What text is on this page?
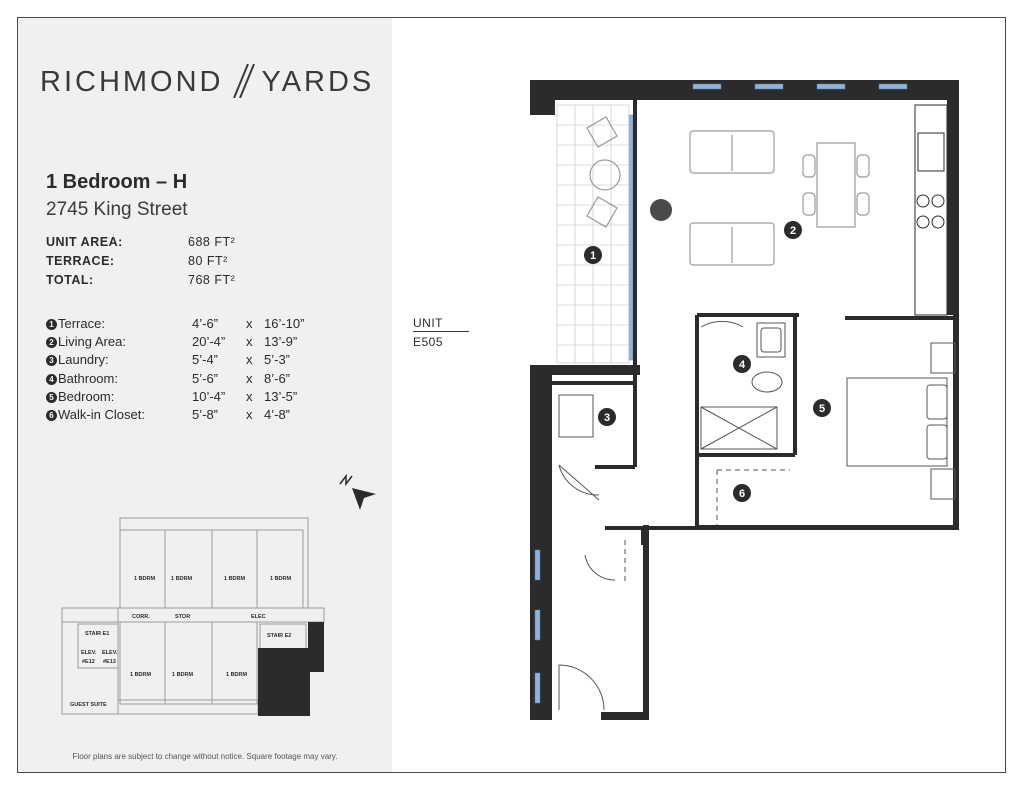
RICHMOND YARDS
1 Bedroom – H
2745 King Street
UNIT AREA:	688 FT²
TERRACE:	80 FT²
TOTAL:	768 FT²
1 Terrace:	4’-6” x 16’-10”
2 Living Area:	20’-4” x 13’-9”
3 Laundry:	5’-4” x 5’-3”
4 Bathroom:	5’-6” x 8’-6”
5 Bedroom:	10’-4” x 13’-5”
6 Walk-in Closet:	5’-8” x 4’-8”
1 BDRM	1 BDRM	1 BDRM	1 BDRM
CORR.	STOR	ELEC
STAIR E1	STAIR E2
ELEV. ELEV.
#E12 #E13
1 BDRM	1 BDRM	1 BDRM
GUEST SUITE
Floor plans are subject to change without notice. Square footage may vary.
UNIT
E505
1
2
3
4
5
6
